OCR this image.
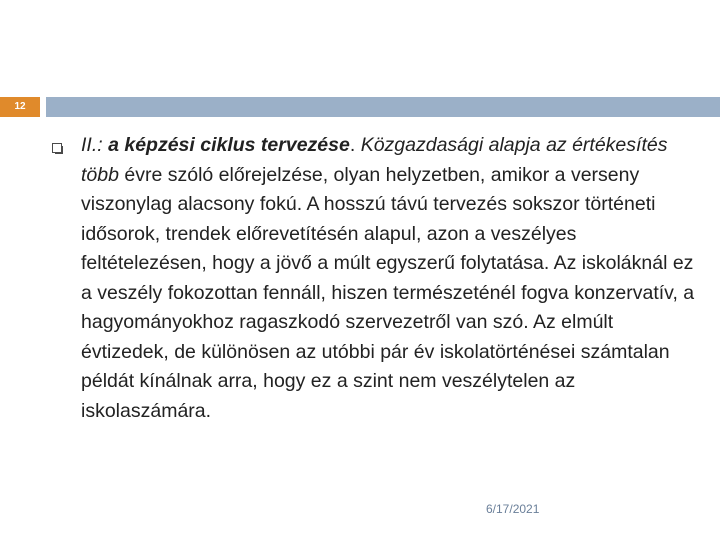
12

II.: a képzési ciklus tervezése. Közgazdasági alapja az értékesítés több évre szóló előrejelzése, olyan helyzetben, amikor a verseny viszonylag alacsony fokú. A hosszú távú tervezés sokszor történeti idősorok, trendek előrevetítésén alapul, azon a veszélyes feltételezésen, hogy a jövő a múlt egyszerű folytatása. Az iskoláknál ez a veszély fokozottan fennáll, hiszen természeténél fogva konzervatív, a hagyományokhoz ragaszkodó szervezetről van szó. Az elmúlt évtizedek, de különösen az utóbbi pár év iskolatörténései számtalan példát kínálnak arra, hogy ez a szint nem veszélytelen az iskolaszámára.

6/17/2021
